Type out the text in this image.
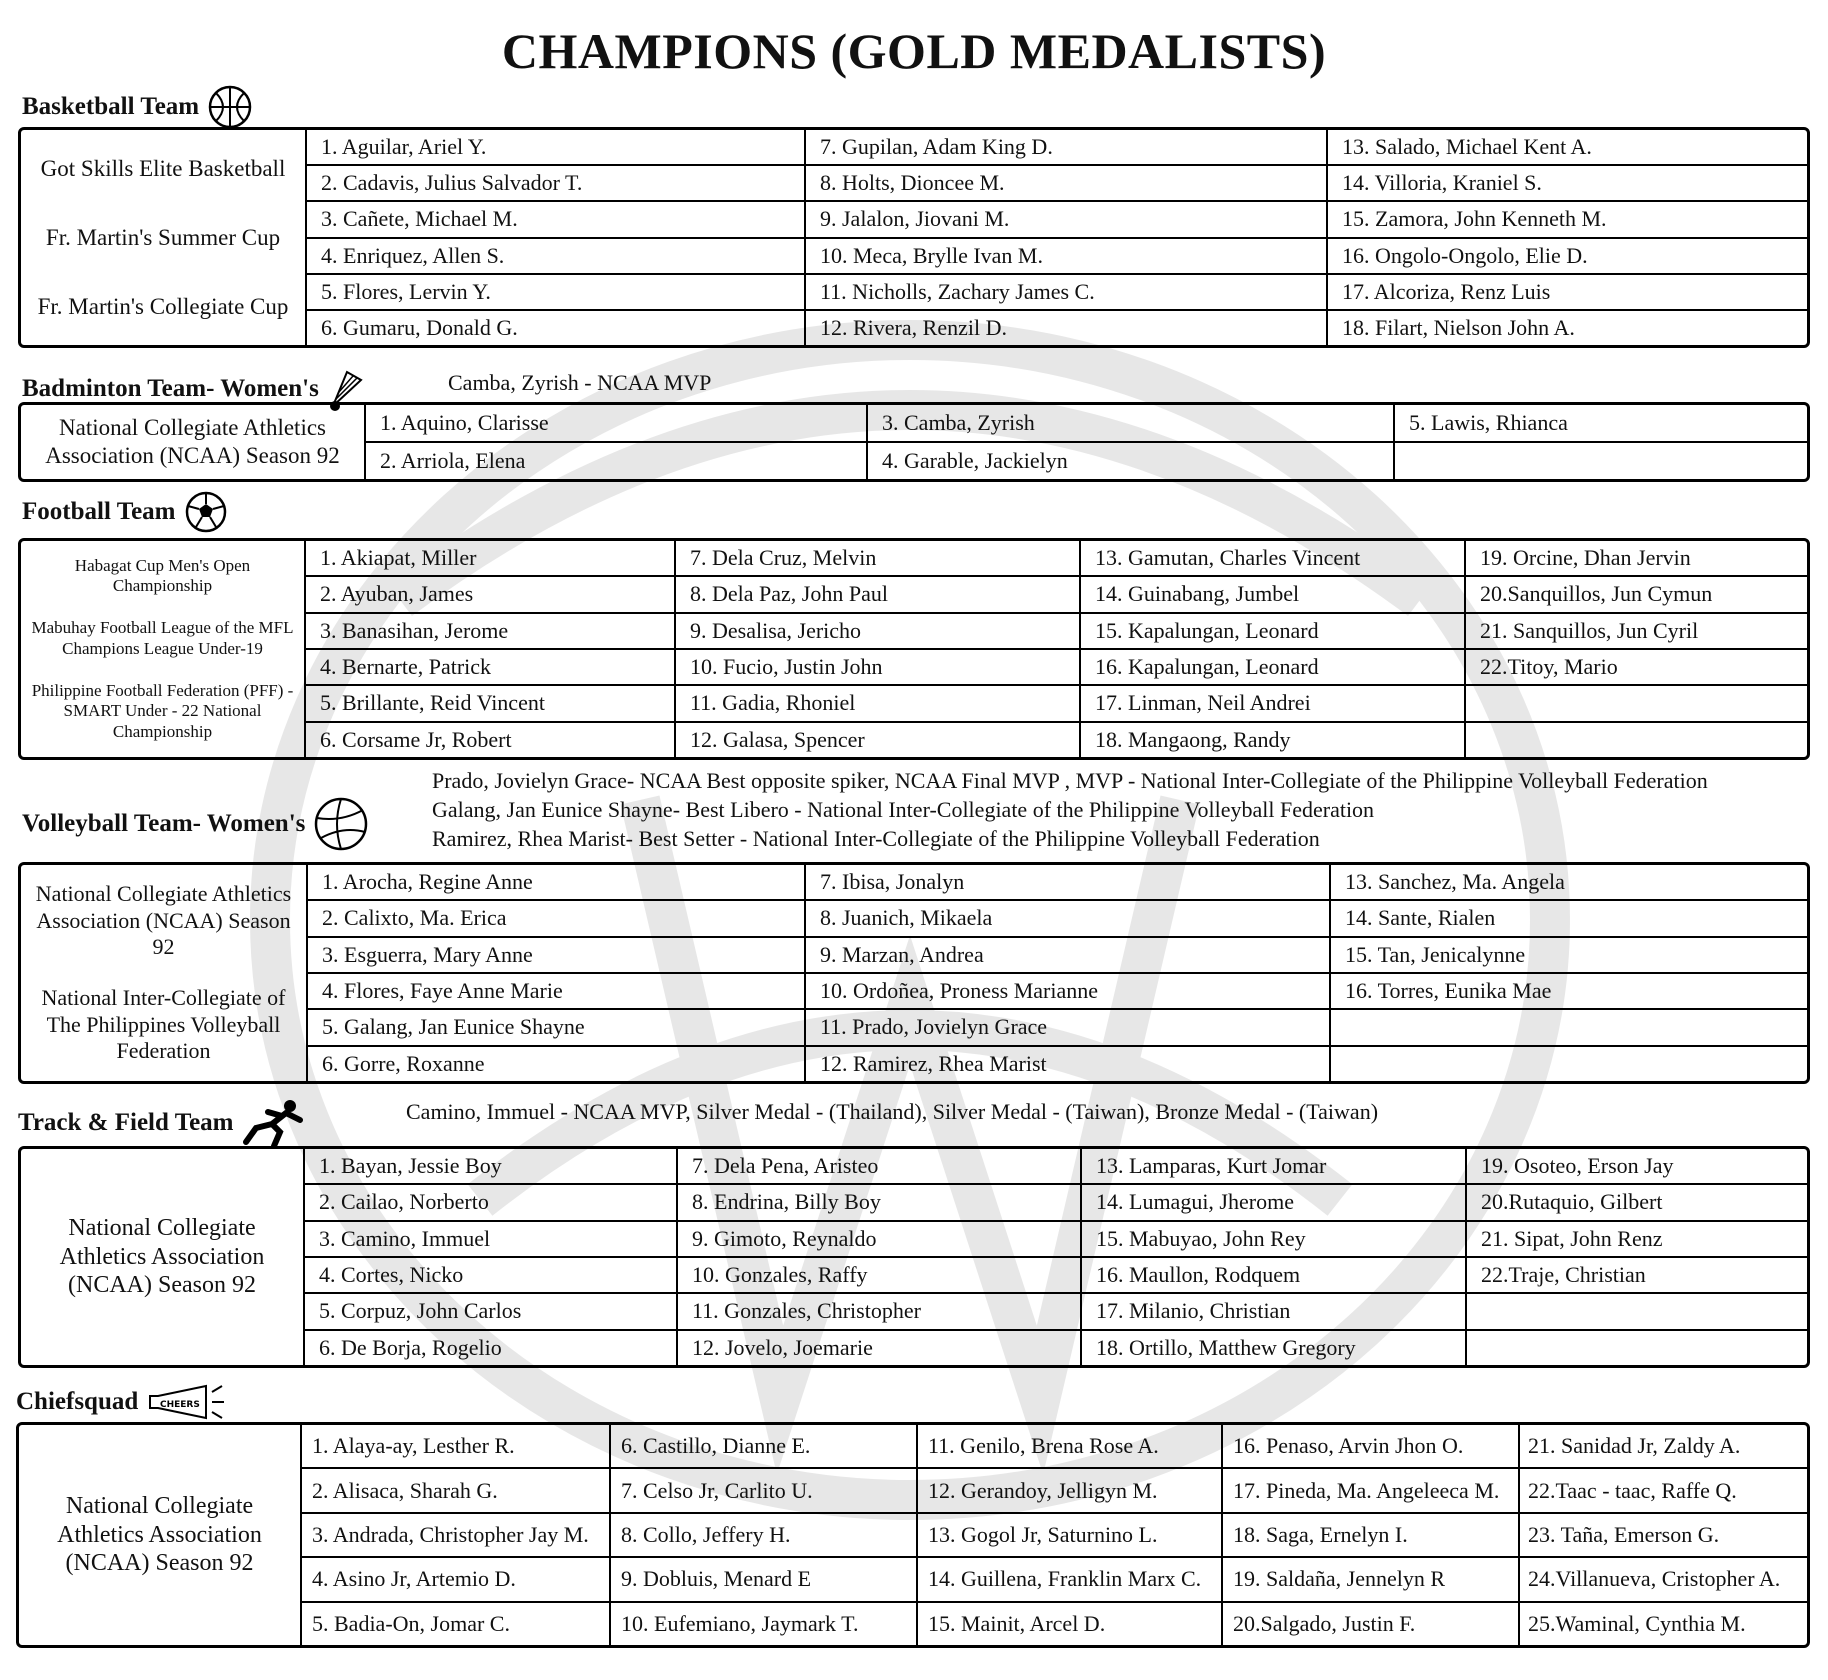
CHAMPIONS (GOLD MEDALISTS)
Basketball Team
Got Skills Elite Basketball
Fr. Martin's Summer Cup
Fr. Martin's Collegiate Cup
1. Aguilar, Ariel Y.
2. Cadavis, Julius Salvador T.
3. Cañete, Michael M.
4. Enriquez, Allen S.
5. Flores, Lervin Y.
6. Gumaru, Donald G.
7. Gupilan, Adam King D.
8. Holts, Dioncee M.
9. Jalalon, Jiovani M.
10. Meca, Brylle Ivan M.
11. Nicholls, Zachary James C.
12. Rivera, Renzil D.
13. Salado, Michael Kent A.
14. Villoria, Kraniel S.
15. Zamora, John Kenneth M.
16. Ongolo-Ongolo, Elie D.
17. Alcoriza, Renz Luis
18. Filart, Nielson John A.
Badminton Team- Women's	Camba, Zyrish - NCAA MVP
National Collegiate Athletics Association (NCAA) Season 92
1. Aquino, Clarisse
2. Arriola, Elena
3. Camba, Zyrish
4. Garable, Jackielyn
5. Lawis, Rhianca
Football Team
Habagat Cup Men's Open Championship
Mabuhay Football League of the MFL Champions League Under-19
Philippine Football Federation (PFF) - SMART Under - 22 National Championship
1. Akiapat, Miller
2. Ayuban, James
3. Banasihan, Jerome
4. Bernarte, Patrick
5. Brillante, Reid Vincent
6. Corsame Jr, Robert
7. Dela Cruz, Melvin
8. Dela Paz, John Paul
9. Desalisa, Jericho
10. Fucio, Justin John
11. Gadia, Rhoniel
12. Galasa, Spencer
13. Gamutan, Charles Vincent
14. Guinabang, Jumbel
15. Kapalungan, Leonard
16. Kapalungan, Leonard
17. Linman, Neil Andrei
18. Mangaong, Randy
19. Orcine, Dhan Jervin
20.Sanquillos, Jun Cymun
21. Sanquillos, Jun Cyril
22.Titoy, Mario
Volleyball Team- Women's
Prado, Jovielyn Grace- NCAA Best opposite spiker, NCAA Final MVP , MVP - National Inter-Collegiate of the Philippine Volleyball Federation
Galang, Jan Eunice Shayne- Best Libero - National Inter-Collegiate of the Philippine Volleyball Federation
Ramirez, Rhea Marist- Best Setter - National Inter-Collegiate of the Philippine Volleyball Federation
National Collegiate Athletics Association (NCAA) Season 92
National Inter-Collegiate of The Philippines Volleyball Federation
1. Arocha, Regine Anne
2. Calixto, Ma. Erica
3. Esguerra, Mary Anne
4. Flores, Faye Anne Marie
5. Galang, Jan Eunice Shayne
6. Gorre, Roxanne
7. Ibisa, Jonalyn
8. Juanich, Mikaela
9. Marzan, Andrea
10. Ordoñea, Proness Marianne
11. Prado, Jovielyn Grace
12. Ramirez, Rhea Marist
13. Sanchez, Ma. Angela
14. Sante, Rialen
15. Tan, Jenicalynne
16. Torres, Eunika Mae
Track & Field Team	Camino, Immuel - NCAA MVP, Silver Medal - (Thailand), Silver Medal - (Taiwan), Bronze Medal - (Taiwan)
National Collegiate Athletics Association (NCAA) Season 92
1. Bayan, Jessie Boy
2. Cailao, Norberto
3. Camino, Immuel
4. Cortes, Nicko
5. Corpuz, John Carlos
6. De Borja, Rogelio
7. Dela Pena, Aristeo
8. Endrina, Billy Boy
9. Gimoto, Reynaldo
10. Gonzales, Raffy
11. Gonzales, Christopher
12. Jovelo, Joemarie
13. Lamparas, Kurt Jomar
14. Lumagui, Jherome
15. Mabuyao, John Rey
16. Maullon, Rodquem
17. Milanio, Christian
18. Ortillo, Matthew Gregory
19. Osoteo, Erson Jay
20.Rutaquio, Gilbert
21. Sipat, John Renz
22.Traje, Christian
Chiefsquad CHEERS
National Collegiate Athletics Association (NCAA) Season 92
1. Alaya-ay, Lesther R.
2. Alisaca, Sharah G.
3. Andrada, Christopher Jay M.
4. Asino Jr, Artemio D.
5. Badia-On, Jomar C.
6. Castillo, Dianne E.
7. Celso Jr, Carlito U.
8. Collo, Jeffery H.
9. Dobluis, Menard E
10. Eufemiano, Jaymark T.
11. Genilo, Brena Rose A.
12. Gerandoy, Jelligyn M.
13. Gogol Jr, Saturnino L.
14. Guillena, Franklin Marx C.
15. Mainit, Arcel D.
16. Penaso, Arvin Jhon O.
17. Pineda, Ma. Angeleeca M.
18. Saga, Ernelyn I.
19. Saldaña, Jennelyn R
20.Salgado, Justin F.
21. Sanidad Jr, Zaldy A.
22.Taac - taac, Raffe Q.
23. Taña, Emerson G.
24.Villanueva, Cristopher A.
25.Waminal, Cynthia M.
